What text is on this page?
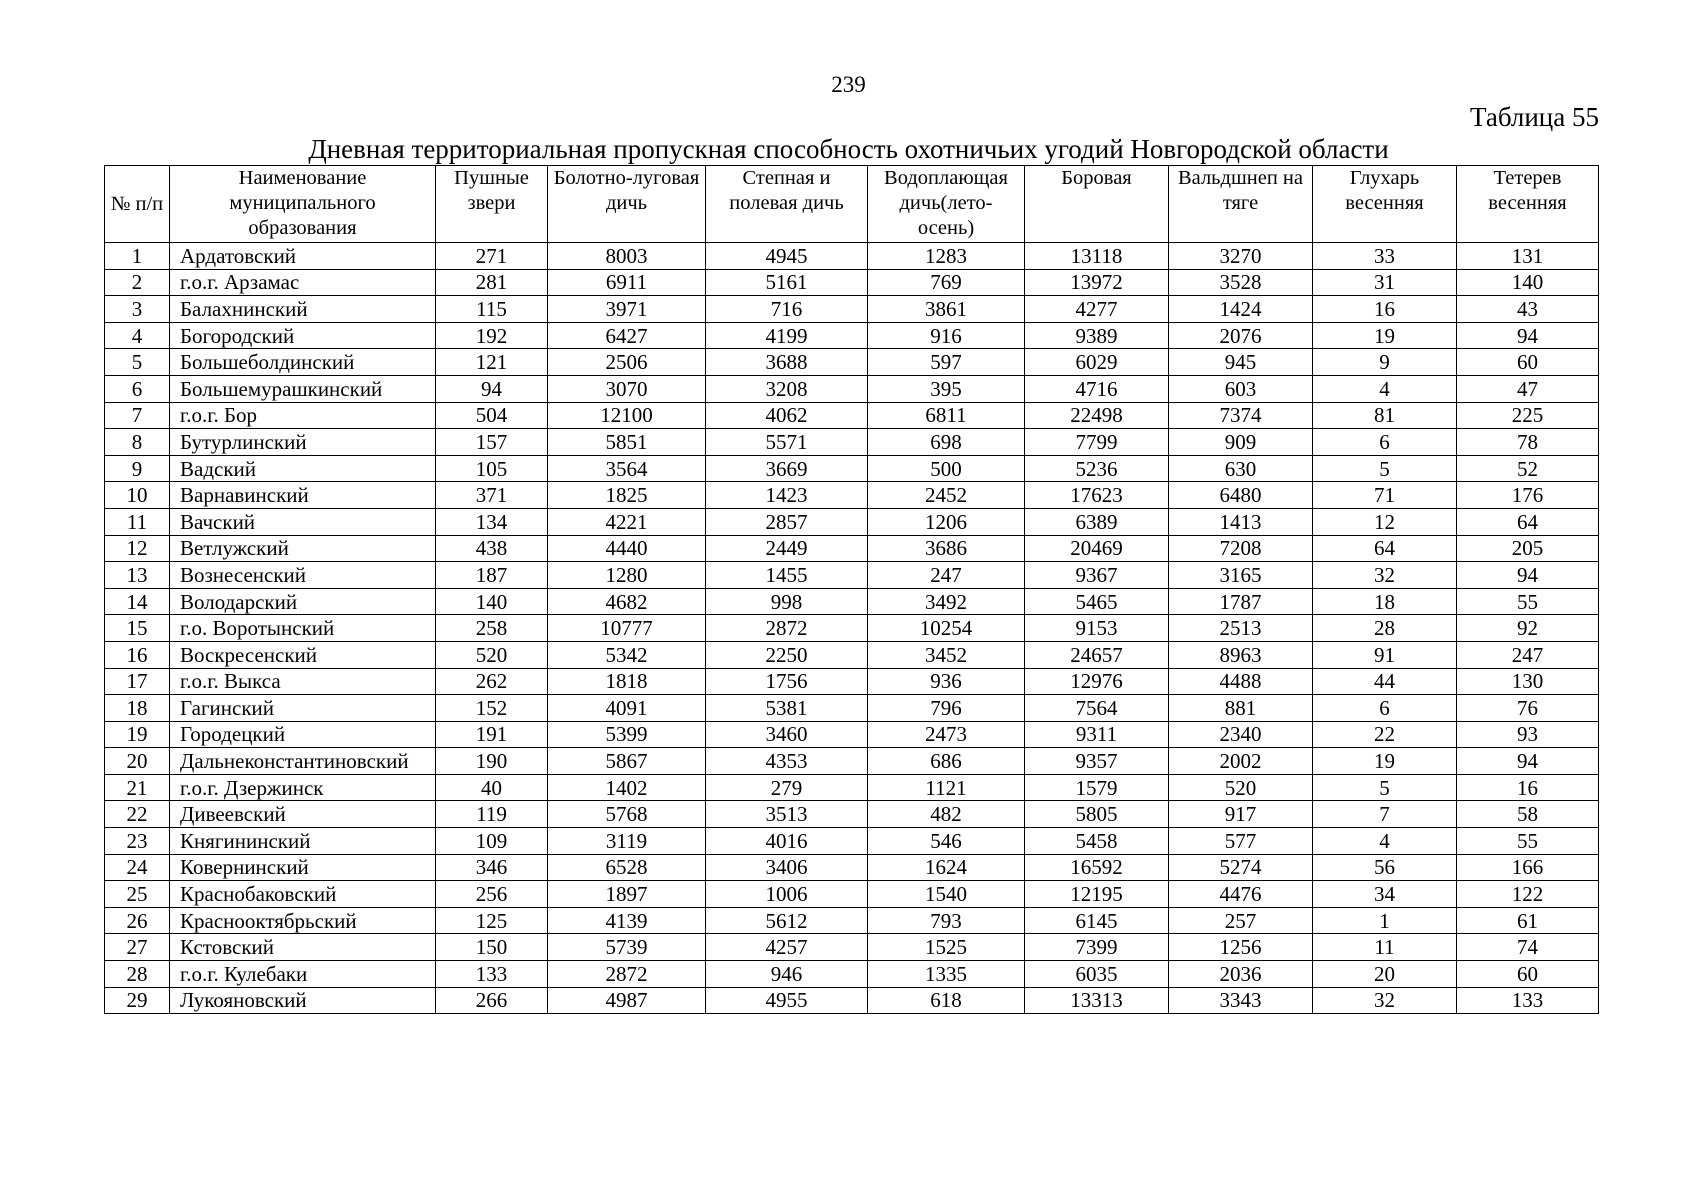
239
Таблица 55
Дневная территориальная пропускная способность охотничьих угодий Новгородской области
№ п/п	Наименование муниципального образования	Пушные звери	Болотно-луговая дичь	Степная и полевая дичь	Водоплающая дичь(лето-осень)	Боровая	Вальдшнеп на тяге	Глухарь весенняя	Тетерев весенняя
1	Ардатовский	271	8003	4945	1283	13118	3270	33	131
2	г.о.г. Арзамас	281	6911	5161	769	13972	3528	31	140
3	Балахнинский	115	3971	716	3861	4277	1424	16	43
4	Богородский	192	6427	4199	916	9389	2076	19	94
5	Большеболдинский	121	2506	3688	597	6029	945	9	60
6	Большемурашкинский	94	3070	3208	395	4716	603	4	47
7	г.о.г. Бор	504	12100	4062	6811	22498	7374	81	225
8	Бутурлинский	157	5851	5571	698	7799	909	6	78
9	Вадский	105	3564	3669	500	5236	630	5	52
10	Варнавинский	371	1825	1423	2452	17623	6480	71	176
11	Вачский	134	4221	2857	1206	6389	1413	12	64
12	Ветлужский	438	4440	2449	3686	20469	7208	64	205
13	Вознесенский	187	1280	1455	247	9367	3165	32	94
14	Володарский	140	4682	998	3492	5465	1787	18	55
15	г.о. Воротынский	258	10777	2872	10254	9153	2513	28	92
16	Воскресенский	520	5342	2250	3452	24657	8963	91	247
17	г.о.г. Выкса	262	1818	1756	936	12976	4488	44	130
18	Гагинский	152	4091	5381	796	7564	881	6	76
19	Городецкий	191	5399	3460	2473	9311	2340	22	93
20	Дальнеконстантиновский	190	5867	4353	686	9357	2002	19	94
21	г.о.г. Дзержинск	40	1402	279	1121	1579	520	5	16
22	Дивеевский	119	5768	3513	482	5805	917	7	58
23	Княгининский	109	3119	4016	546	5458	577	4	55
24	Ковернинский	346	6528	3406	1624	16592	5274	56	166
25	Краснобаковский	256	1897	1006	1540	12195	4476	34	122
26	Краснооктябрьский	125	4139	5612	793	6145	257	1	61
27	Кстовский	150	5739	4257	1525	7399	1256	11	74
28	г.о.г. Кулебаки	133	2872	946	1335	6035	2036	20	60
29	Лукояновский	266	4987	4955	618	13313	3343	32	133
